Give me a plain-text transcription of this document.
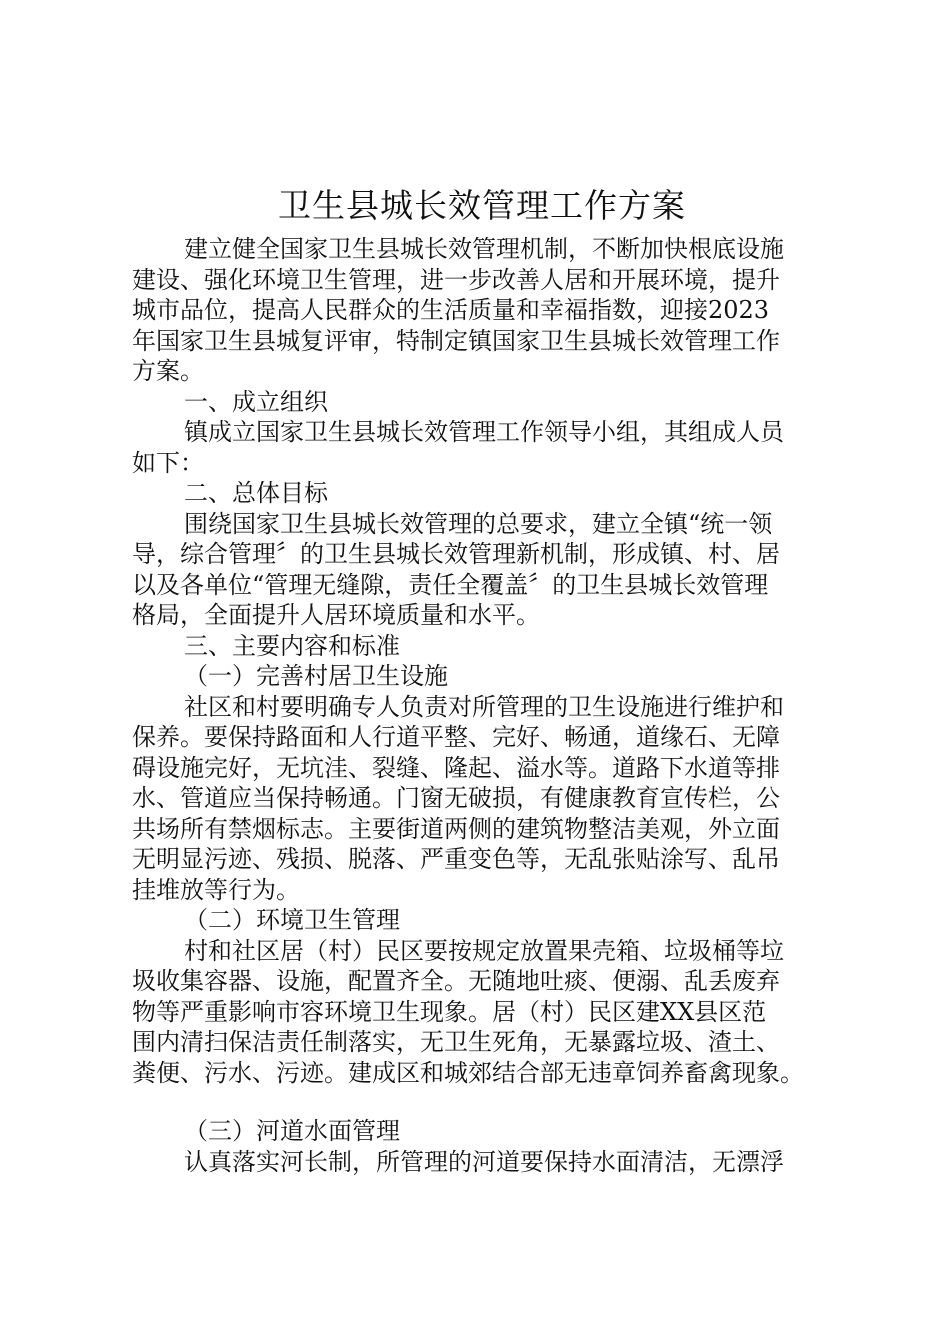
卫生县城长效管理工作方案
建立健全国家卫生县城长效管理机制，不断加快根底设施
建设、强化环境卫生管理，进一步改善人居和开展环境，提升
城市品位，提高人民群众的生活质量和幸福指数，迎接2023
年国家卫生县城复评审，特制定镇国家卫生县城长效管理工作
方案。
一、成立组织
镇成立国家卫生县城长效管理工作领导小组，其组成人员
如下：
二、总体目标
围绕国家卫生县城长效管理的总要求，建立全镇“统一领
导，综合管理〞的卫生县城长效管理新机制，形成镇、村、居
以及各单位“管理无缝隙，责任全覆盖〞的卫生县城长效管理
格局，全面提升人居环境质量和水平。
三、主要内容和标准
（一）完善村居卫生设施
社区和村要明确专人负责对所管理的卫生设施进行维护和
保养。要保持路面和人行道平整、完好、畅通，道缘石、无障
碍设施完好，无坑洼、裂缝、隆起、溢水等。道路下水道等排
水、管道应当保持畅通。门窗无破损，有健康教育宣传栏，公
共场所有禁烟标志。主要街道两侧的建筑物整洁美观，外立面
无明显污迹、残损、脱落、严重变色等，无乱张贴涂写、乱吊
挂堆放等行为。
（二）环境卫生管理
村和社区居（村）民区要按规定放置果壳箱、垃圾桶等垃
圾收集容器、设施，配置齐全。无随地吐痰、便溺、乱丢废弃
物等严重影响市容环境卫生现象。居（村）民区建XX县区范
围内清扫保洁责任制落实，无卫生死角，无暴露垃圾、渣土、
粪便、污水、污迹。建成区和城郊结合部无违章饲养畜禽现象。
（三）河道水面管理
认真落实河长制，所管理的河道要保持水面清洁，无漂浮
